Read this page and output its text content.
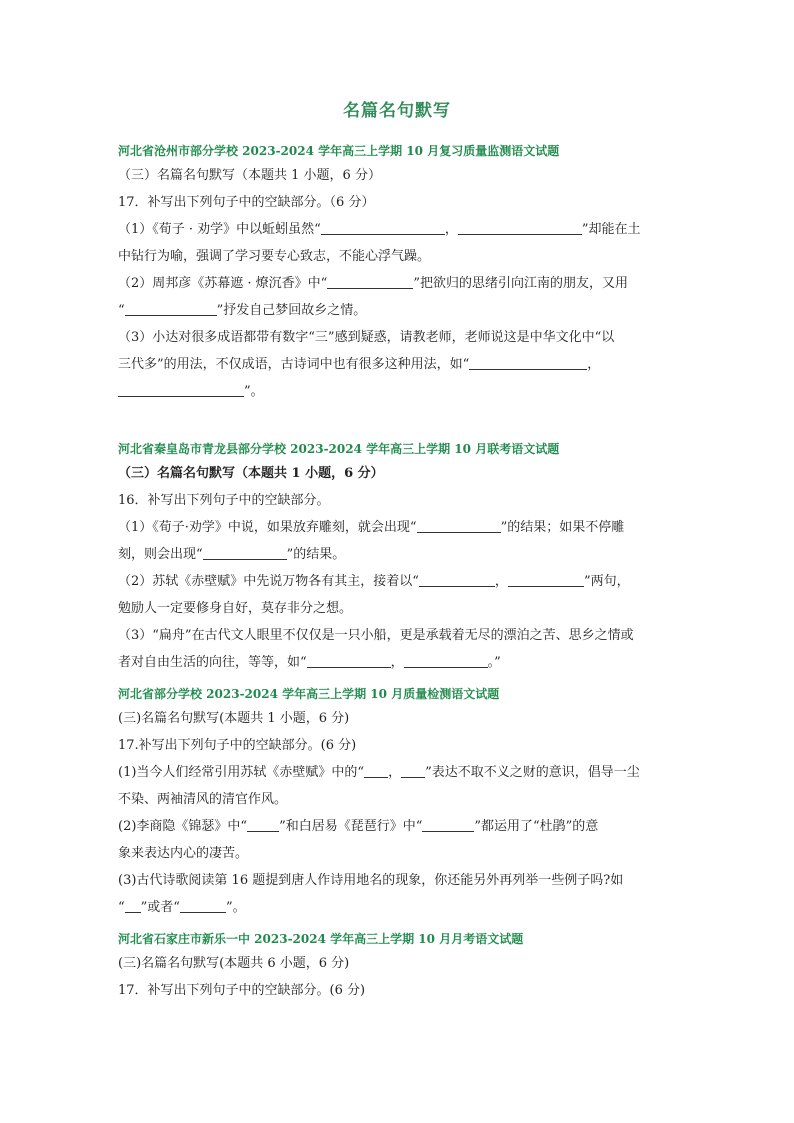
名篇名句默写
河北省沧州市部分学校 2023-2024 学年高三上学期 10 月复习质量监测语文试题
（三）名篇名句默写（本题共 1 小题，6 分）
17．补写出下列句子中的空缺部分。（6 分）
（1）《荀子 · 劝学》中以蚯蚓虽然“	，	”却能在土
中钻行为喻，强调了学习要专心致志，不能心浮气躁。
（2）周邦彦《苏幕遮 · 燎沉香》中“	”把欲归的思绪引向江南的朋友，又用
“	”抒发自己梦回故乡之情。
（3）小达对很多成语都带有数字“三”感到疑惑，请教老师，老师说这是中华文化中“以
三代多”的用法，不仅成语，古诗词中也有很多这种用法，如“	，
”。
河北省秦皇岛市青龙县部分学校 2023-2024 学年高三上学期 10 月联考语文试题
（三）名篇名句默写（本题共 1 小题，6 分）
16．补写出下列句子中的空缺部分。
（1）《荀子·劝学》中说，如果放弃雕刻，就会出现“	”的结果；如果不停雕
刻，则会出现“	”的结果。
（2）苏轼《赤壁赋》中先说万物各有其主，接着以“	，	”两句，
勉励人一定要修身自好，莫存非分之想。
（3）“扁舟”在古代文人眼里不仅仅是一只小船，更是承载着无尽的漂泊之苦、思乡之情或
者对自由生活的向往，等等，如“	，	。”
河北省部分学校 2023-2024 学年高三上学期 10 月质量检测语文试题
(三)名篇名句默写(本题共 1 小题，6 分)
17.补写出下列句子中的空缺部分。(6 分)
(1)当今人们经常引用苏轼《赤壁赋》中的“ ， ”表达不取不义之财的意识，倡导一尘
不染、两袖清风的清官作风。
(2)李商隐《锦瑟》中“ ”和白居易《琵琶行》中“	”都运用了“杜鹃”的意
象来表达内心的凄苦。
(3)古代诗歌阅读第 16 题提到唐人作诗用地名的现象，你还能另外再列举一些例子吗?如
“ ”或者“	”。
河北省石家庄市新乐一中 2023-2024 学年高三上学期 10 月月考语文试题
(三)名篇名句默写(本题共 6 小题，6 分)
17．补写出下列句子中的空缺部分。(6 分)
